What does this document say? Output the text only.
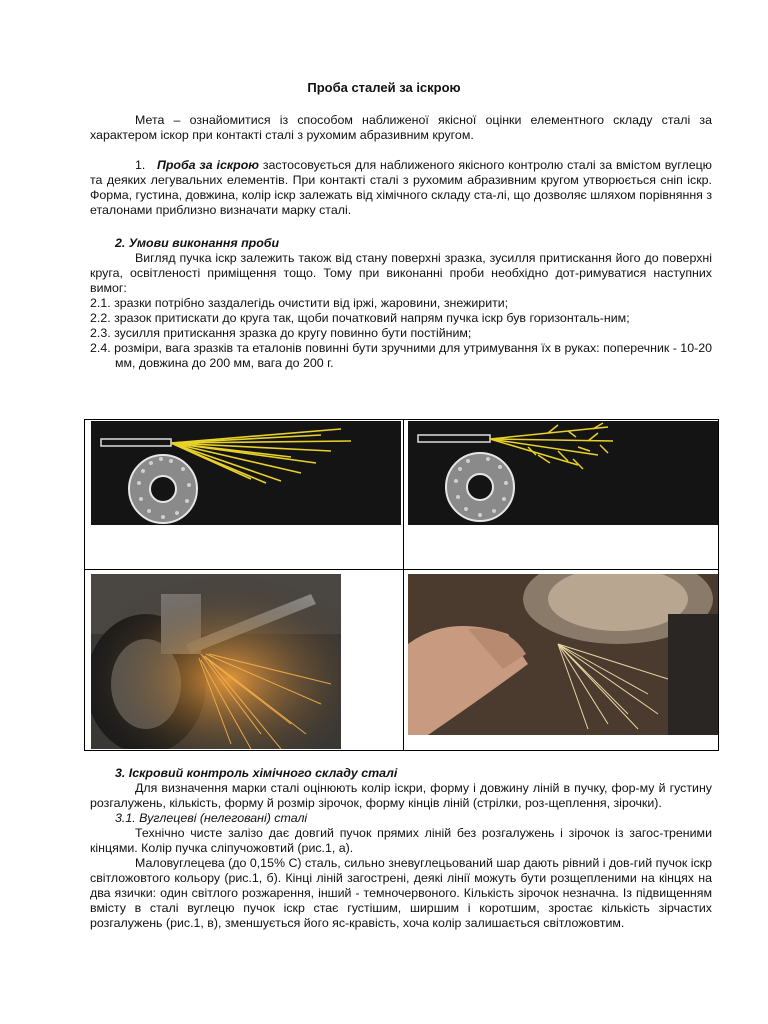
Проба сталей за іскрою

Мета – ознайомитися із способом наближеної якісної оцінки елементного складу сталі за характером іскор при контакті сталі з рухомим абразивним кругом.

1. Проба за іскрою застосовується для наближеного якісного контролю сталі за вмістом вуглецю та деяких легувальних елементів. При контакті сталі з рухомим абразивним кругом утворюється сніп іскр. Форма, густина, довжина, колір іскр залежать від хімічного складу ста-лі, що дозволяє шляхом порівняння з еталонами приблизно визначати марку сталі.

2. Умови виконання проби

Вигляд пучка іскр залежить також від стану поверхні зразка, зусилля притискання його до поверхні круга, освітленості приміщення тощо. Тому при виконанні проби необхідно дот-римуватися наступних вимог:

2.1. зразки потрібно заздалегідь очистити від іржі, жаровини, знежирити;

2.2. зразок притискати до круга так, щоби початковий напрям пучка іскр був горизонталь-ним;

2.3. зусилля притискання зразка до кругу повинно бути постійним;

2.4. розміри, вага зразків та еталонів повинні бути зручними для утримування їх в руках: поперечник - 10-20 мм, довжина до 200 мм, вага до 200 г.

3. Іскровий контроль хімічного складу сталі

Для визначення марки сталі оцінюють колір іскри, форму і довжину ліній в пучку, фор-му й густину розгалужень, кількість, форму й розмір зірочок, форму кінців ліній (стрілки, роз-щеплення, зірочки).

3.1. Вуглецеві (нелеговані) сталі

Технічно чисте залізо дає довгий пучок прямих ліній без розгалужень і зірочок із загос-треними кінцями. Колір пучка сліпучожовтий (рис.1, а).

Маловуглецева (до 0,15% С) сталь, сильно зневуглецьований шар дають рівний і дов-гий пучок іскр світложовтого кольору (рис.1, б). Кінці ліній загострені, деякі лінії можуть бути розщепленими на кінцях на два язички: один світлого розжарення, інший - темночервоного. Кількість зірочок незначна. Із підвищенням вмісту в сталі вуглецю пучок іскр стає густішим, ширшим і коротшим, зростає кількість зірчастих розгалужень (рис.1, в), зменшується його яс-кравість, хоча колір залишається світложовтим.
